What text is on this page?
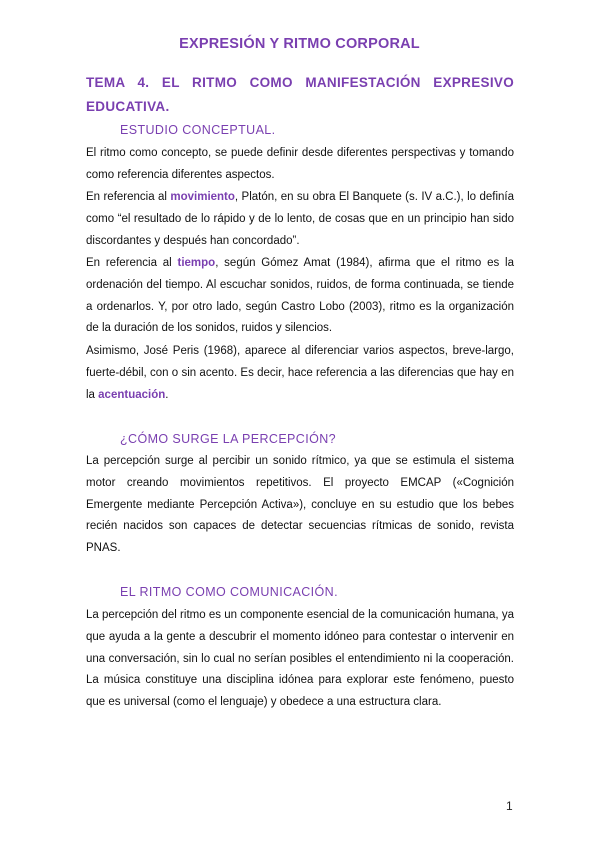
EXPRESIÓN Y RITMO CORPORAL
TEMA 4. EL RITMO COMO MANIFESTACIÓN EXPRESIVO EDUCATIVA.
ESTUDIO CONCEPTUAL.
El ritmo como concepto, se puede definir desde diferentes perspectivas y tomando como referencia diferentes aspectos.
En referencia al movimiento, Platón, en su obra El Banquete (s. IV a.C.), lo definía como “el resultado de lo rápido y de lo lento, de cosas que en un principio han sido discordantes y después han concordado”.
En referencia al tiempo, según Gómez Amat (1984), afirma que el ritmo es la ordenación del tiempo. Al escuchar sonidos, ruidos, de forma continuada, se tiende a ordenarlos. Y, por otro lado, según Castro Lobo (2003), ritmo es la organización de la duración de los sonidos, ruidos y silencios.
Asimismo, José Peris (1968), aparece al diferenciar varios aspectos, breve-largo, fuerte-débil, con o sin acento. Es decir, hace referencia a las diferencias que hay en la acentuación.
¿CÓMO SURGE LA PERCEPCIÓN?
La percepción surge al percibir un sonido rítmico, ya que se estimula el sistema motor creando movimientos repetitivos. El proyecto EMCAP («Cognición Emergente mediante Percepción Activa»), concluye en su estudio que los bebes recién nacidos son capaces de detectar secuencias rítmicas de sonido, revista PNAS.
EL RITMO COMO COMUNICACIÓN.
La percepción del ritmo es un componente esencial de la comunicación humana, ya que ayuda a la gente a descubrir el momento idóneo para contestar o intervenir en una conversación, sin lo cual no serían posibles el entendimiento ni la cooperación. La música constituye una disciplina idónea para explorar este fenómeno, puesto que es universal (como el lenguaje) y obedece a una estructura clara.
1
